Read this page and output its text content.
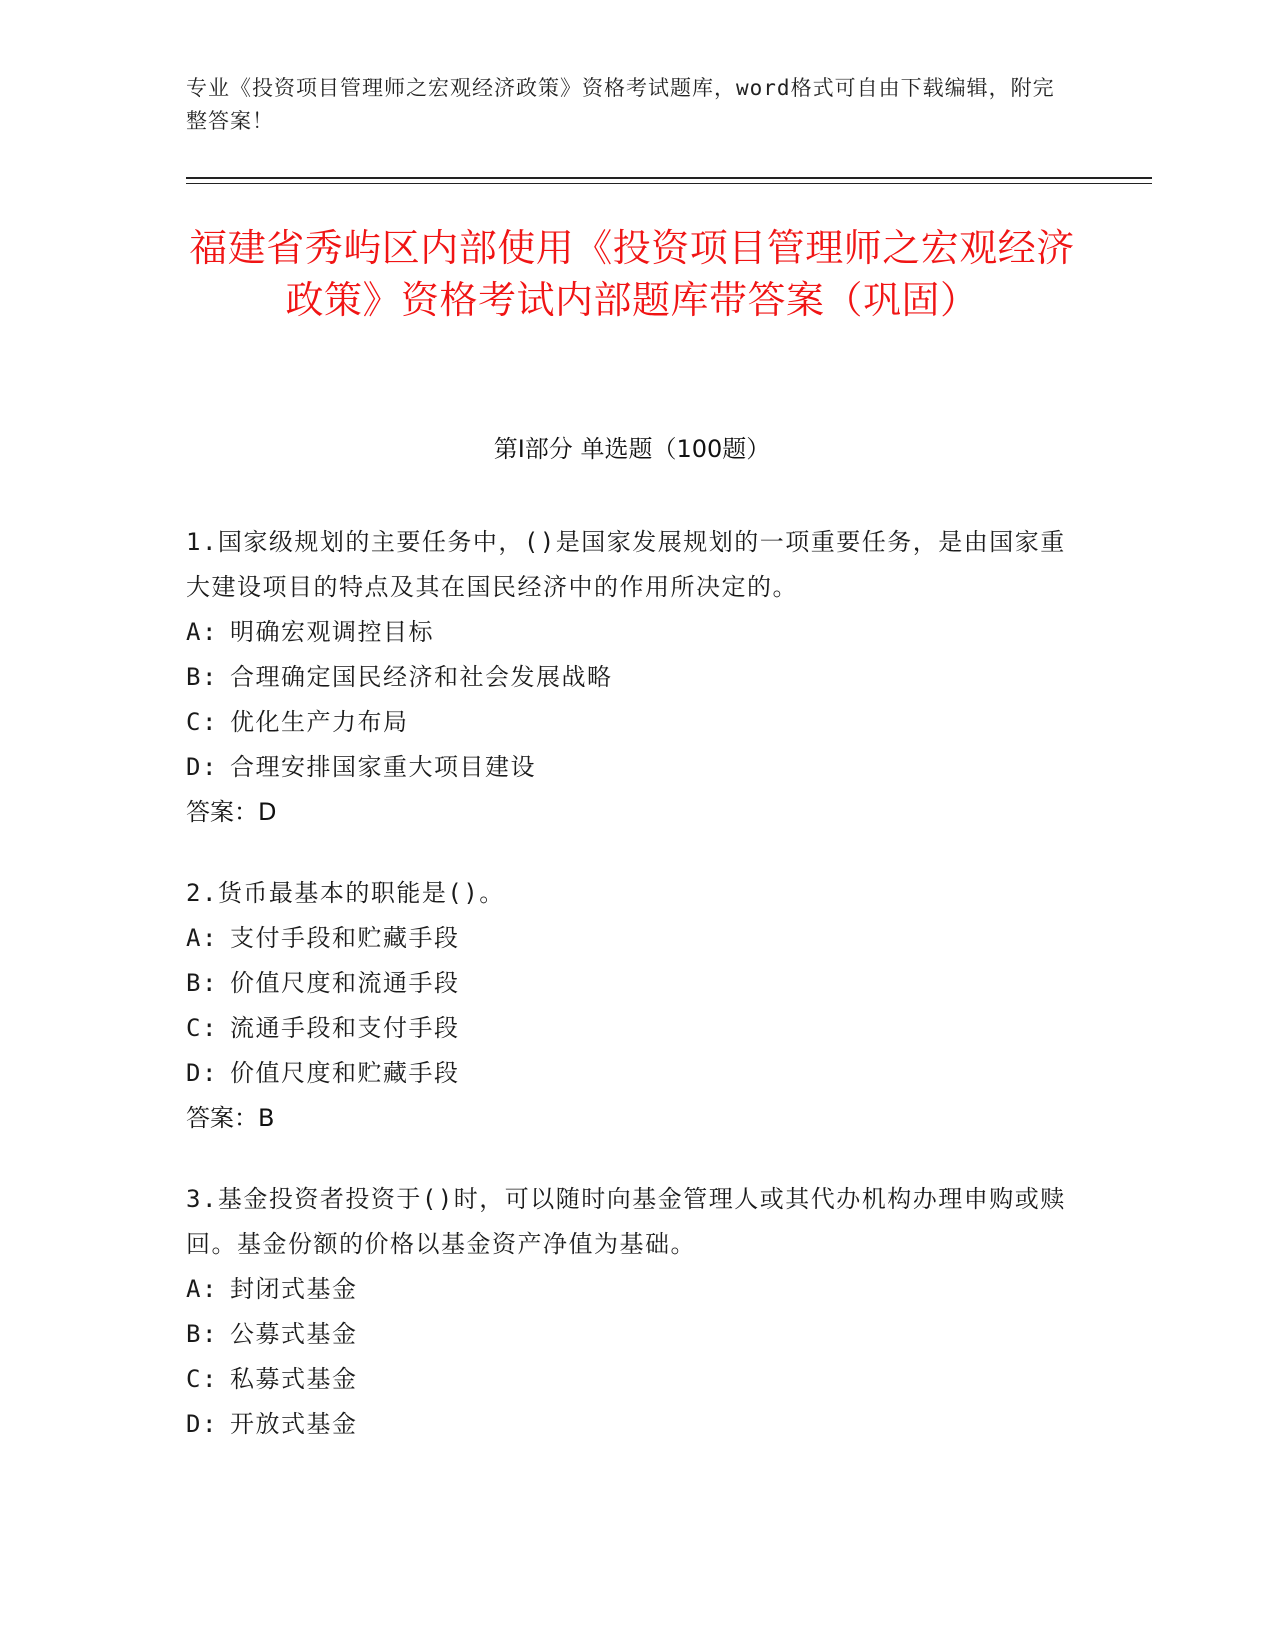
专业《投资项目管理师之宏观经济政策》资格考试题库，word格式可自由下载编辑，附完整答案！
福建省秀屿区内部使用《投资项目管理师之宏观经济政策》资格考试内部题库带答案（巩固）
第I部分 单选题（100题）
1.国家级规划的主要任务中，()是国家发展规划的一项重要任务，是由国家重大建设项目的特点及其在国民经济中的作用所决定的。
A: 明确宏观调控目标
B: 合理确定国民经济和社会发展战略
C: 优化生产力布局
D: 合理安排国家重大项目建设
答案：D
2.货币最基本的职能是()。
A: 支付手段和贮藏手段
B: 价值尺度和流通手段
C: 流通手段和支付手段
D: 价值尺度和贮藏手段
答案：B
3.基金投资者投资于()时，可以随时向基金管理人或其代办机构办理申购或赎回。基金份额的价格以基金资产净值为基础。
A: 封闭式基金
B: 公募式基金
C: 私募式基金
D: 开放式基金
